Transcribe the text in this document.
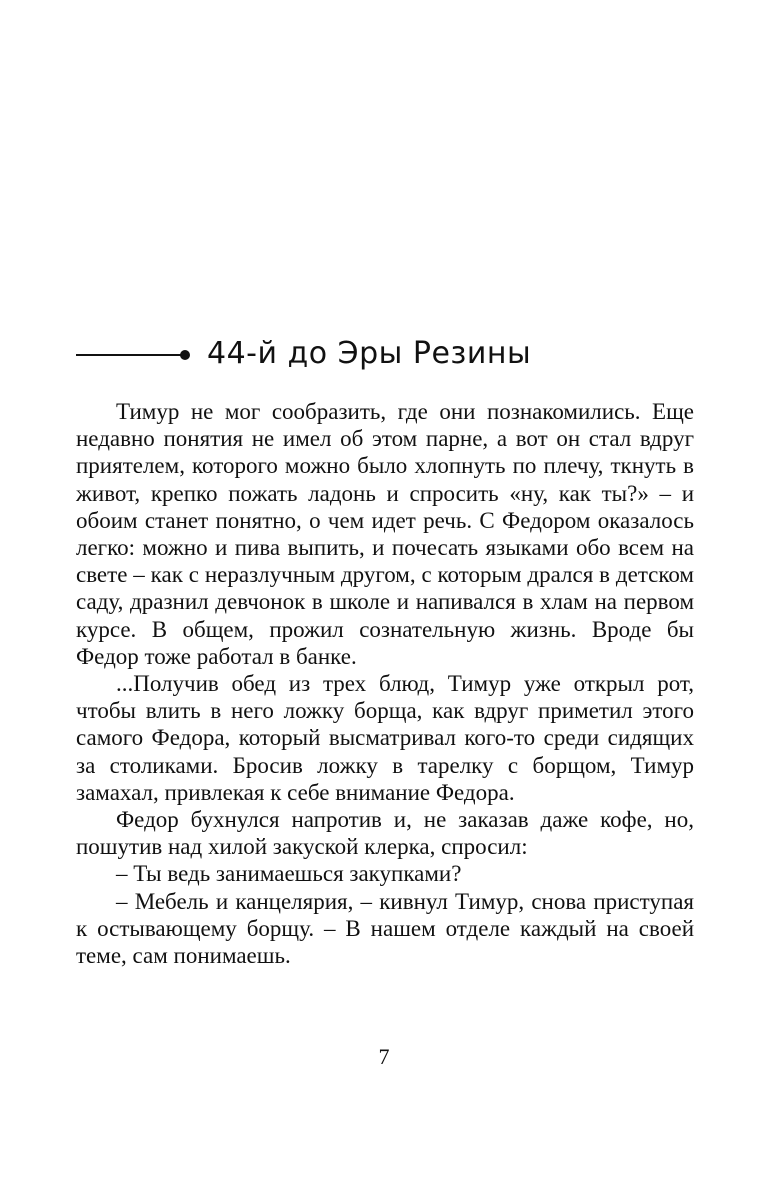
44-й до Эры Резины

Тимур не мог сообразить, где они познакомились. Еще недавно понятия не имел об этом парне, а вот он стал вдруг приятелем, которого можно было хлопнуть по плечу, ткнуть в живот, крепко пожать ладонь и спросить «ну, как ты?» – и обоим станет понятно, о чем идет речь. С Федором оказалось легко: можно и пива выпить, и почесать языками обо всем на свете – как с неразлучным другом, с которым дрался в детском саду, дразнил девчонок в школе и напивался в хлам на первом курсе. В общем, прожил сознательную жизнь. Вроде бы Федор тоже работал в банке.

...Получив обед из трех блюд, Тимур уже открыл рот, чтобы влить в него ложку борща, как вдруг приметил этого самого Федора, который высматривал кого-то среди сидящих за столиками. Бросив ложку в тарелку с борщом, Тимур замахал, привлекая к себе внимание Федора.

Федор бухнулся напротив и, не заказав даже кофе, но, пошутив над хилой закуской клерка, спросил:

– Ты ведь занимаешься закупками?

– Мебель и канцелярия, – кивнул Тимур, снова приступая к остывающему борщу. – В нашем отделе каждый на своей теме, сам понимаешь.

7
